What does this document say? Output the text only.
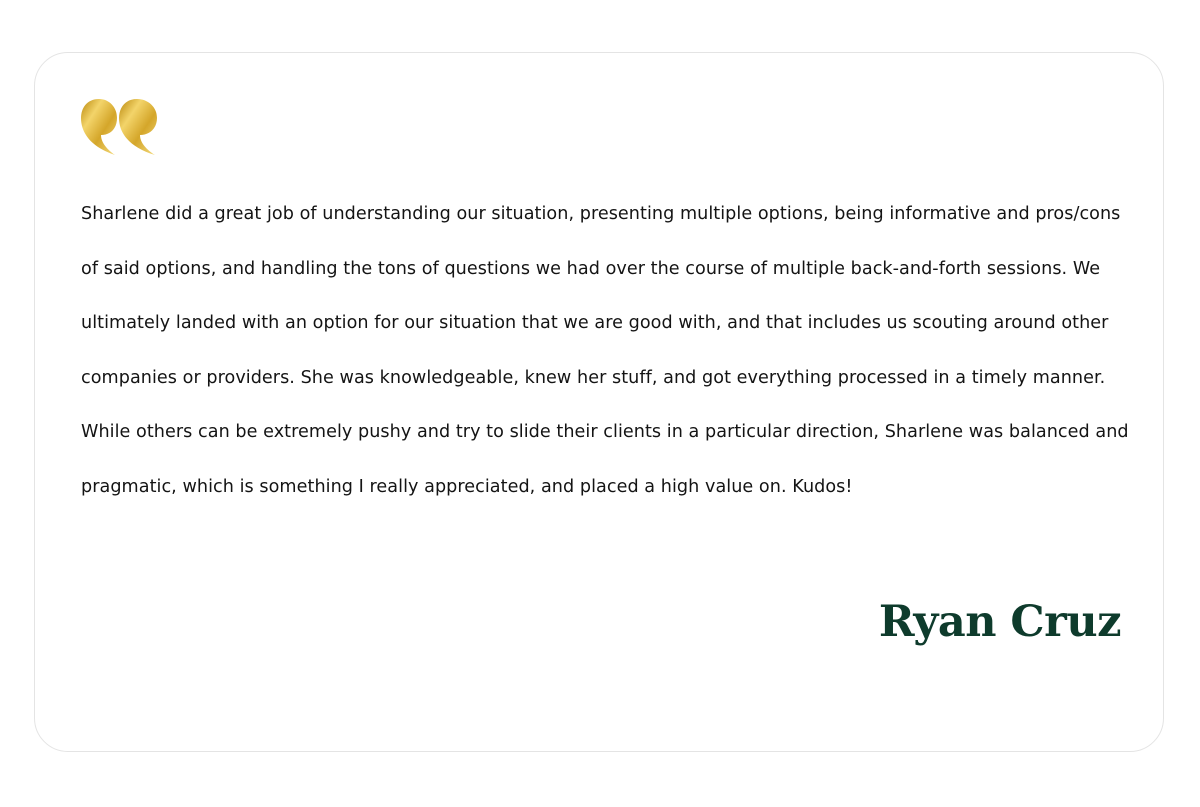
Sharlene did a great job of understanding our situation, presenting multiple options, being informative and pros/cons of said options, and handling the tons of questions we had over the course of multiple back-and-forth sessions. We ultimately landed with an option for our situation that we are good with, and that includes us scouting around other companies or providers. She was knowledgeable, knew her stuff, and got everything processed in a timely manner. While others can be extremely pushy and try to slide their clients in a particular direction, Sharlene was balanced and pragmatic, which is something I really appreciated, and placed a high value on. Kudos!

Ryan Cruz
